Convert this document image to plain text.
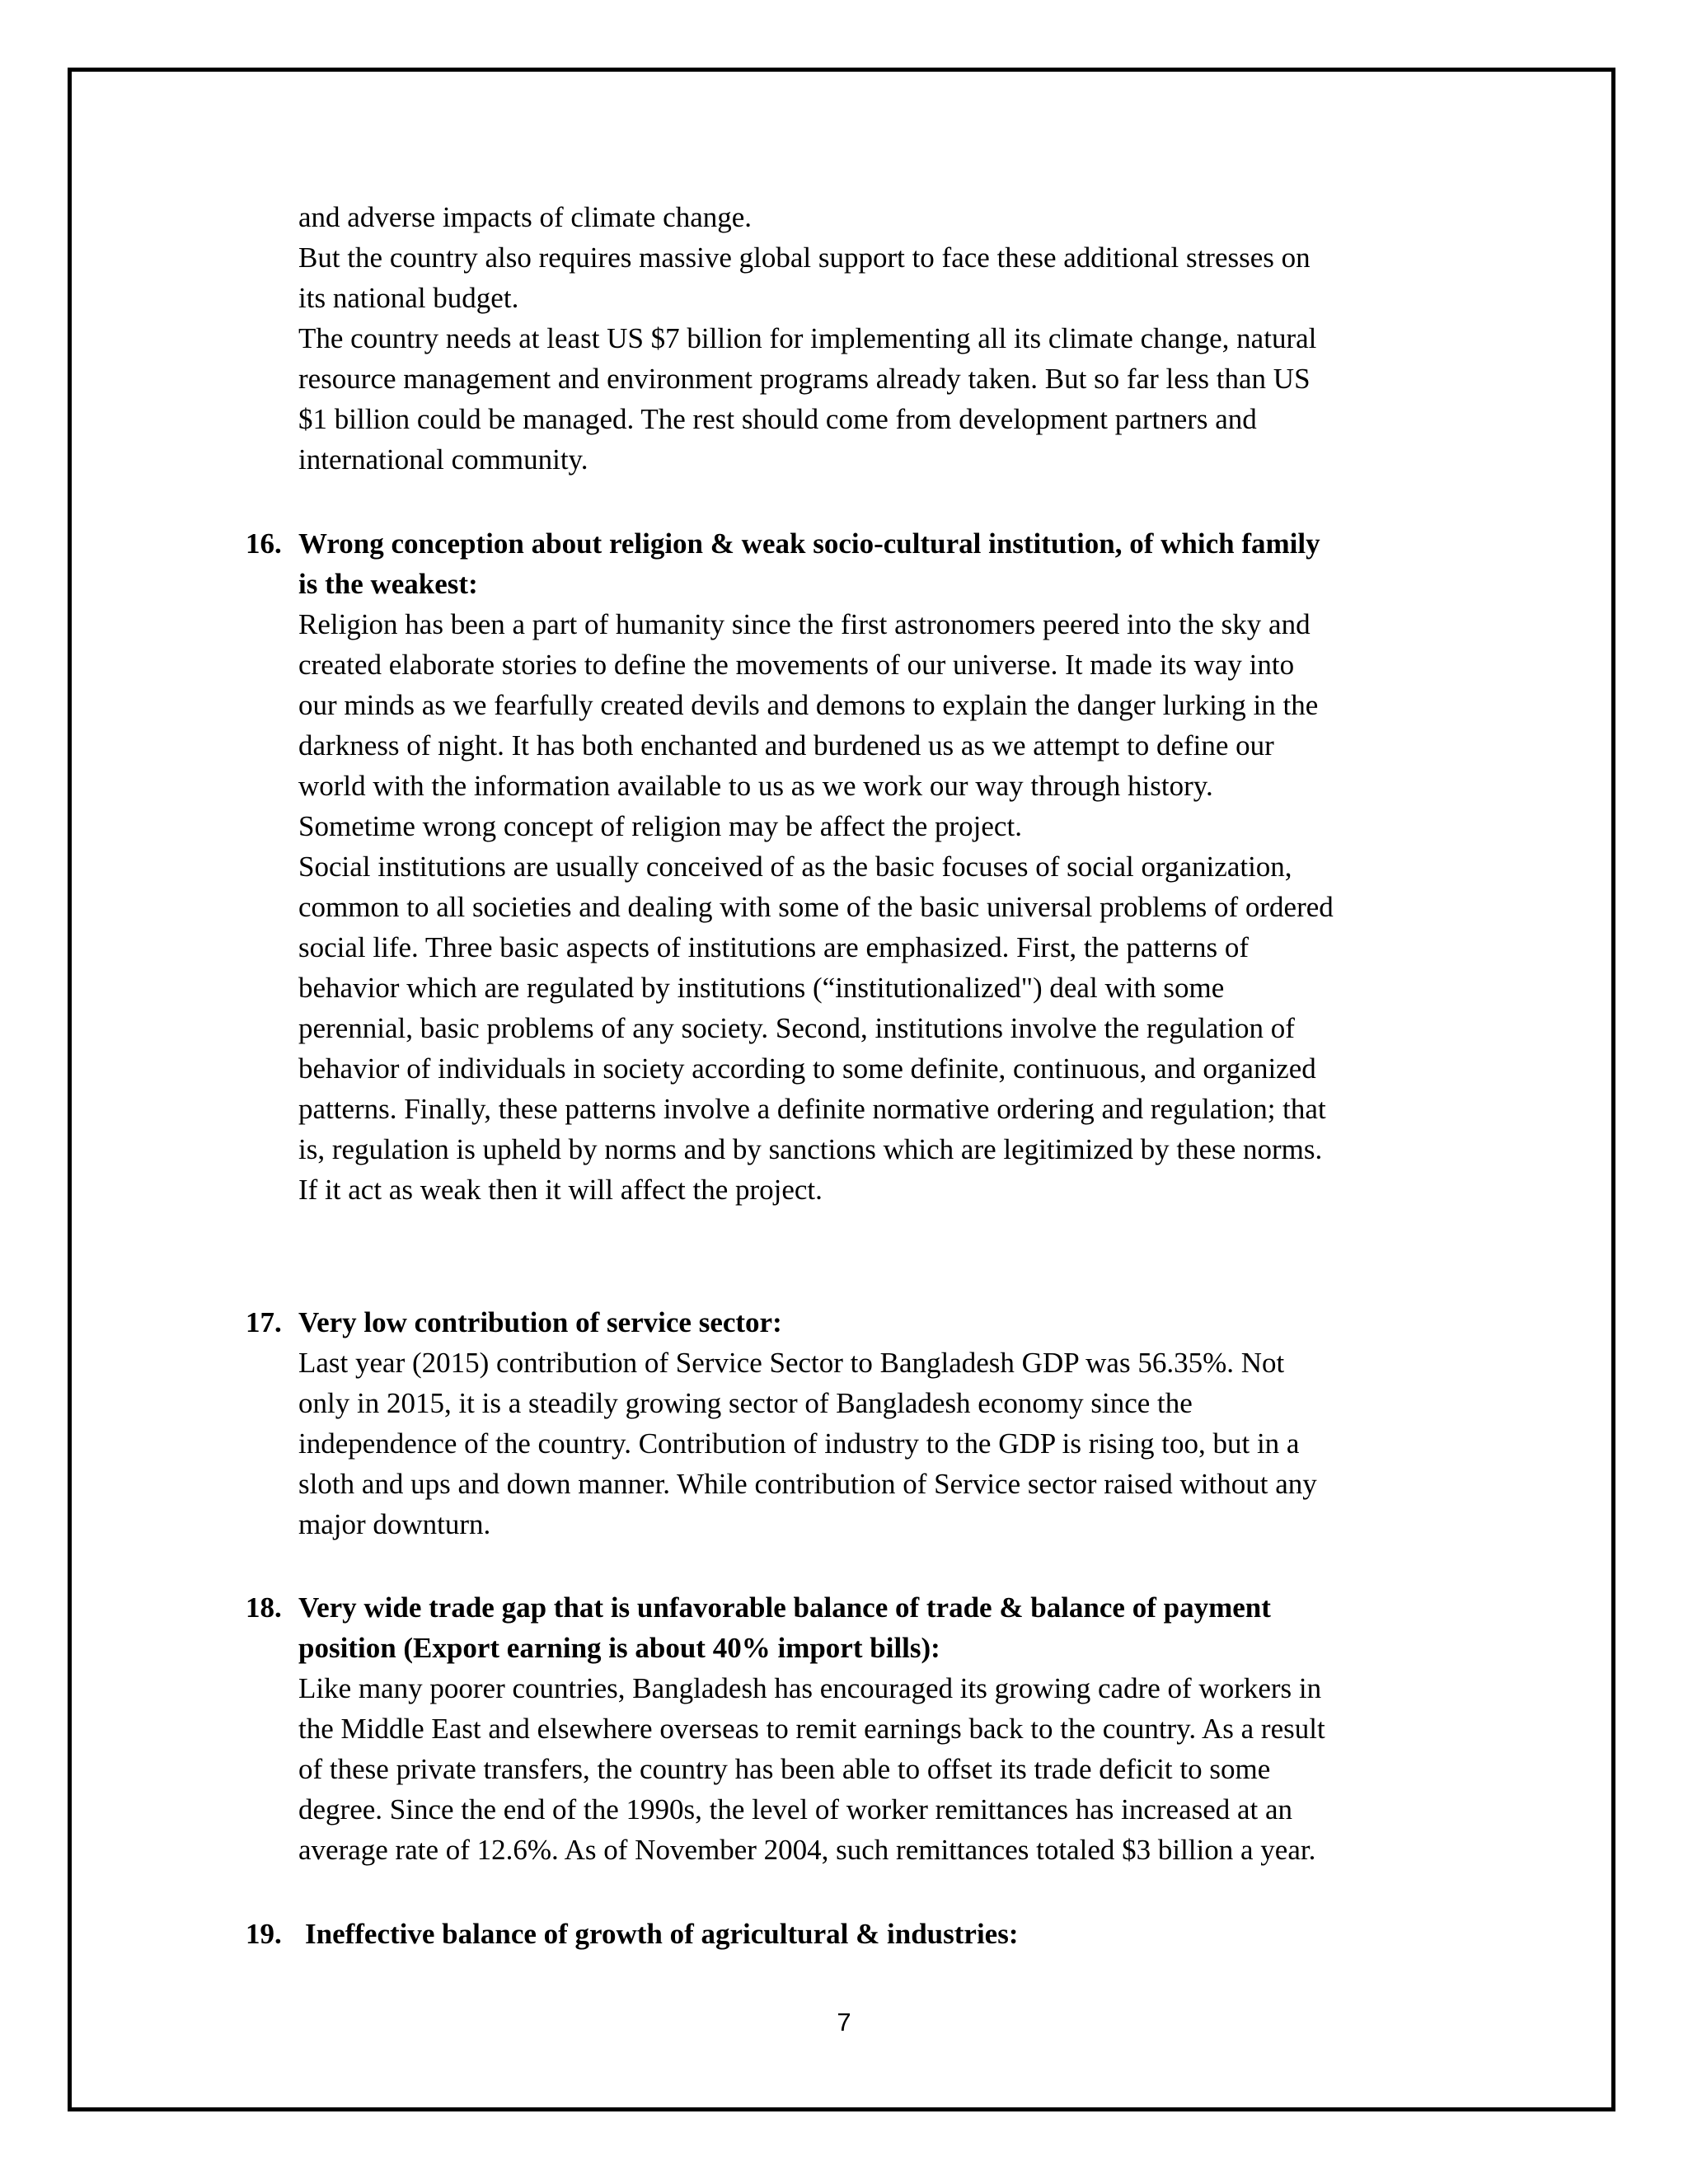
and adverse impacts of climate change.
But the country also requires massive global support to face these additional stresses on
its national budget.
The country needs at least US $7 billion for implementing all its climate change, natural
resource management and environment programs already taken. But so far less than US
$1 billion could be managed. The rest should come from development partners and
international community.
16. Wrong conception about religion & weak socio-cultural institution, of which family
is the weakest:
Religion has been a part of humanity since the first astronomers peered into the sky and
created elaborate stories to define the movements of our universe. It made its way into
our minds as we fearfully created devils and demons to explain the danger lurking in the
darkness of night. It has both enchanted and burdened us as we attempt to define our
world with the information available to us as we work our way through history.
Sometime wrong concept of religion may be affect the project.
Social institutions are usually conceived of as the basic focuses of social organization,
common to all societies and dealing with some of the basic universal problems of ordered
social life. Three basic aspects of institutions are emphasized. First, the patterns of
behavior which are regulated by institutions (“institutionalized") deal with some
perennial, basic problems of any society. Second, institutions involve the regulation of
behavior of individuals in society according to some definite, continuous, and organized
patterns. Finally, these patterns involve a definite normative ordering and regulation; that
is, regulation is upheld by norms and by sanctions which are legitimized by these norms.
If it act as weak then it will affect the project.
17. Very low contribution of service sector:
Last year (2015) contribution of Service Sector to Bangladesh GDP was 56.35%. Not
only in 2015, it is a steadily growing sector of Bangladesh economy since the
independence of the country. Contribution of industry to the GDP is rising too, but in a
sloth and ups and down manner. While contribution of Service sector raised without any
major downturn.
18. Very wide trade gap that is unfavorable balance of trade & balance of payment
position (Export earning is about 40% import bills):
Like many poorer countries, Bangladesh has encouraged its growing cadre of workers in
the Middle East and elsewhere overseas to remit earnings back to the country. As a result
of these private transfers, the country has been able to offset its trade deficit to some
degree. Since the end of the 1990s, the level of worker remittances has increased at an
average rate of 12.6%. As of November 2004, such remittances totaled $3 billion a year.
19. Ineffective balance of growth of agricultural & industries:
7
